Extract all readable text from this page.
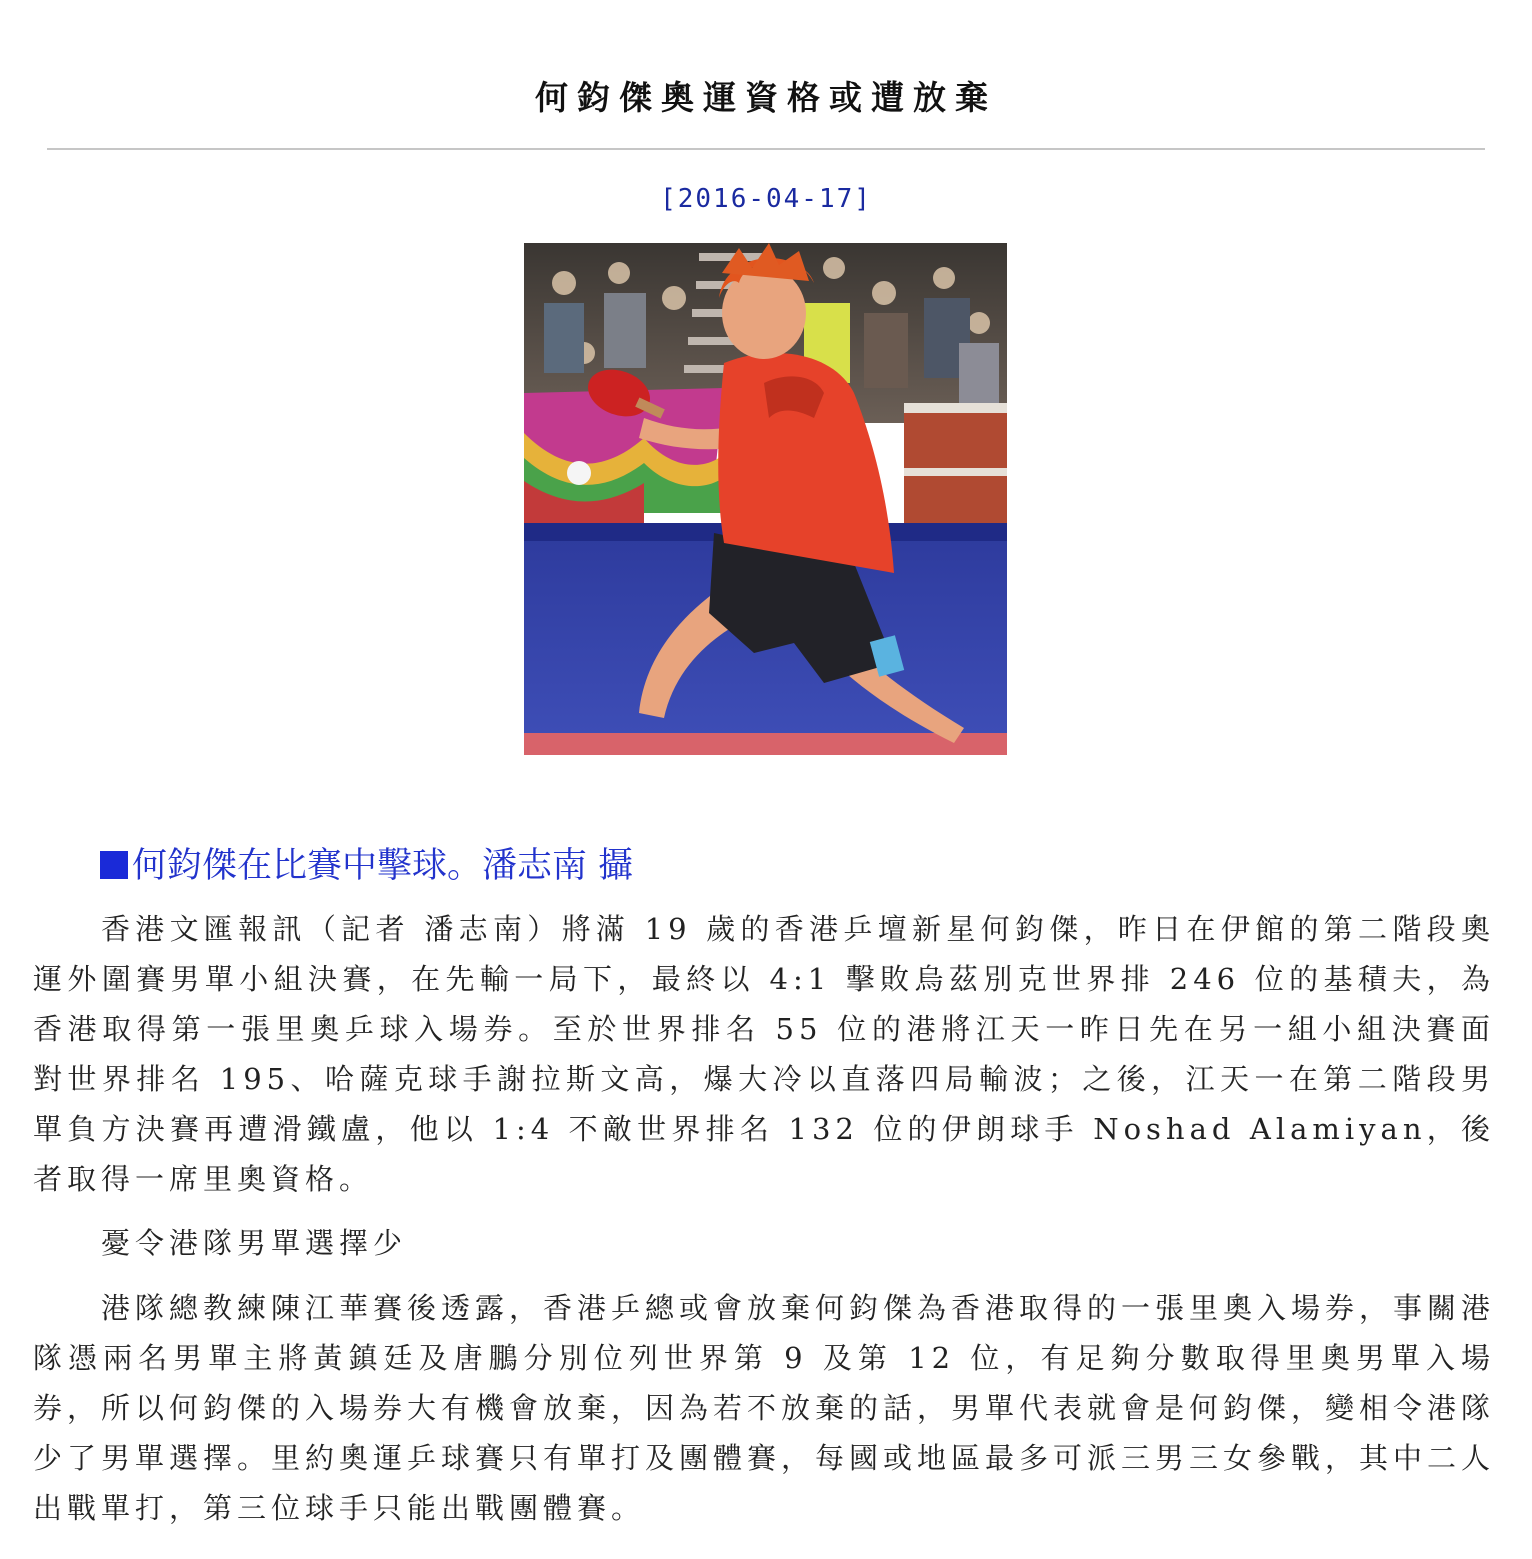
何鈞傑奧運資格或遭放棄
[2016-04-17]
何鈞傑在比賽中擊球。潘志南 攝

香港文匯報訊（記者 潘志南）將滿 19 歲的香港乒壇新星何鈞傑，昨日在伊館的第二階段奧運外圍賽男單小組決賽，在先輸一局下，最終以 4:1 擊敗烏茲別克世界排 246 位的基積夫，為香港取得第一張里奧乒球入場券。至於世界排名 55 位的港將江天一昨日先在另一組小組決賽面對世界排名 195、哈薩克球手謝拉斯文高，爆大冷以直落四局輸波；之後，江天一在第二階段男單負方決賽再遭滑鐵盧，他以 1:4 不敵世界排名 132 位的伊朗球手 Noshad Alamiyan，後者取得一席里奧資格。

憂令港隊男單選擇少

港隊總教練陳江華賽後透露，香港乒總或會放棄何鈞傑為香港取得的一張里奧入場券，事關港隊憑兩名男單主將黃鎮廷及唐鵬分別位列世界第 9 及第 12 位，有足夠分數取得里奧男單入場券，所以何鈞傑的入場券大有機會放棄，因為若不放棄的話，男單代表就會是何鈞傑，變相令港隊少了男單選擇。里約奧運乒球賽只有單打及團體賽，每國或地區最多可派三男三女參戰，其中二人出戰單打，第三位球手只能出戰團體賽。
